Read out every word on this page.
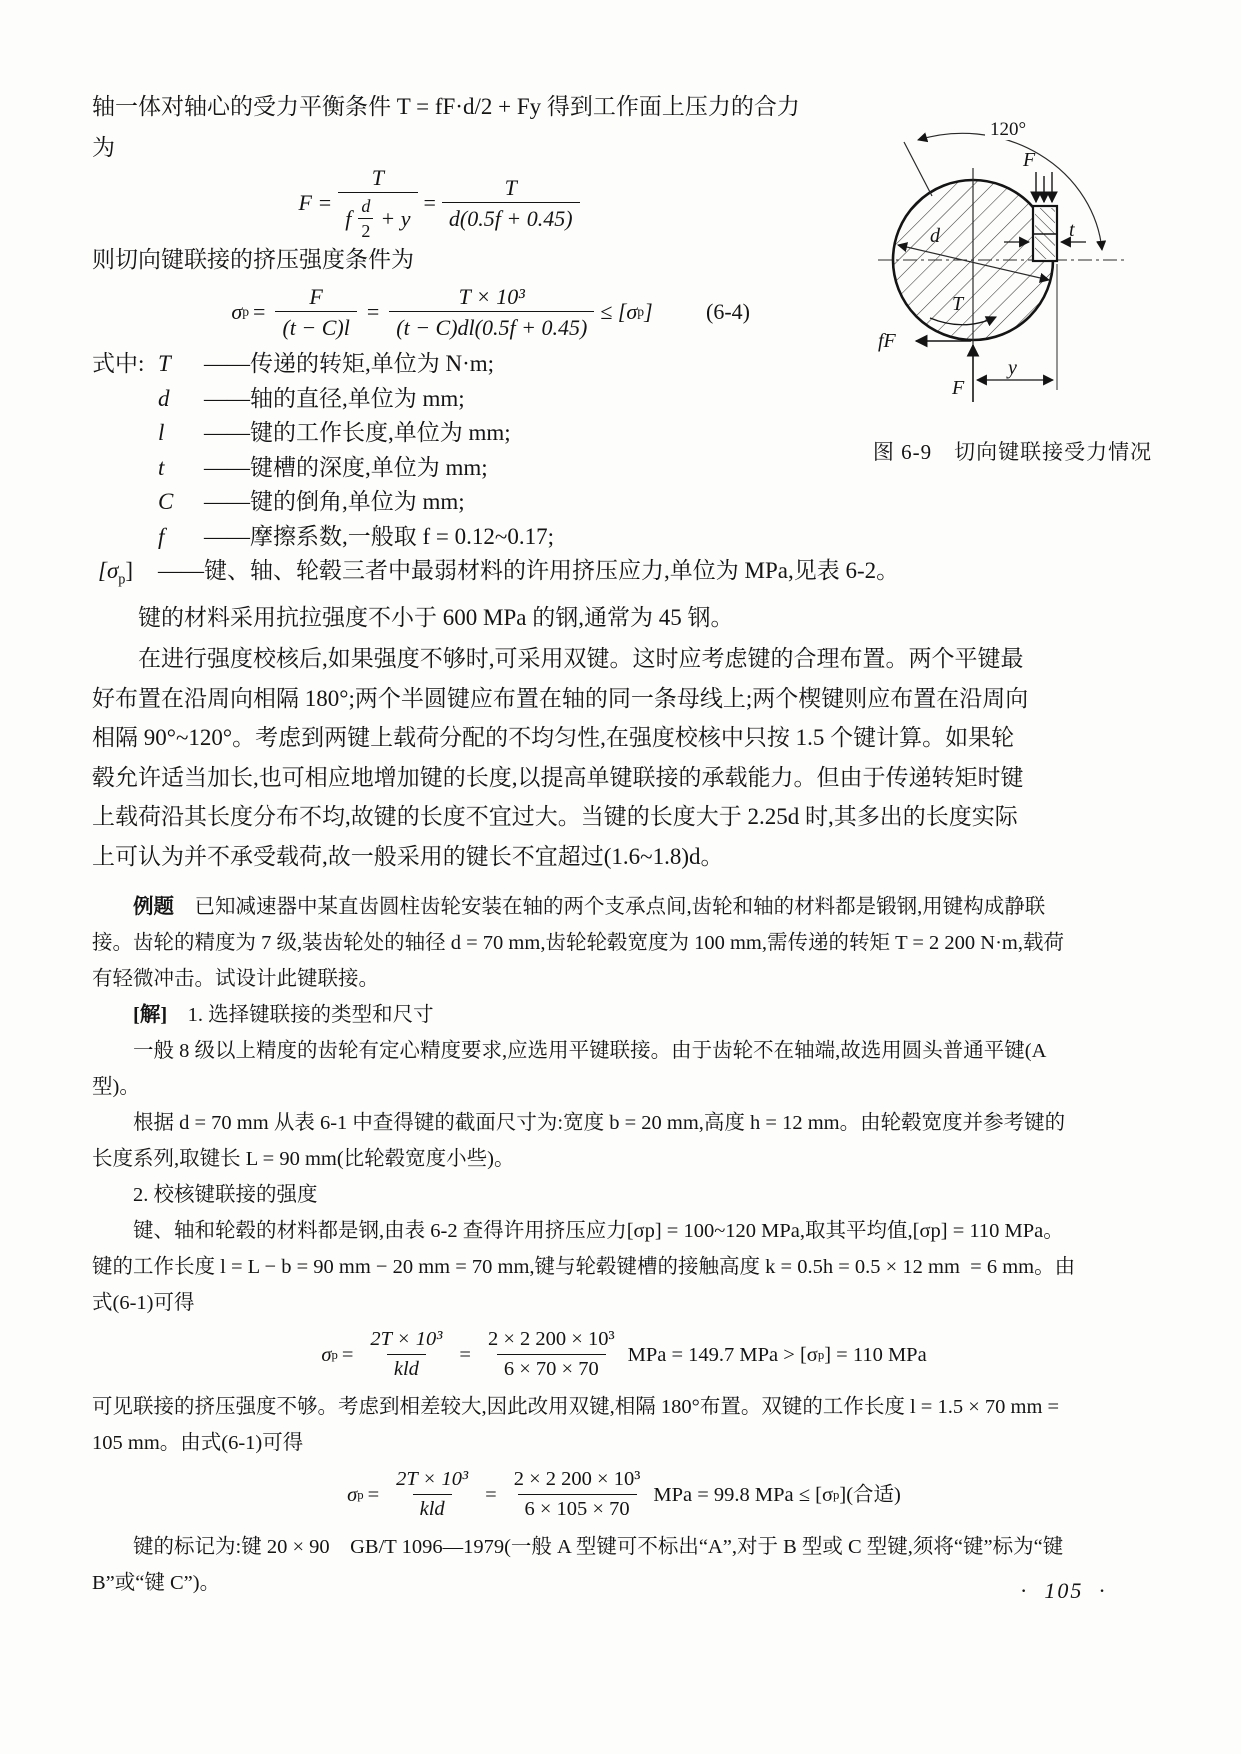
d
120°
F
t
T
fF
F
y
图 6-9　切向键联接受力情况
轴一体对轴心的受力平衡条件 T = fF·d/2 + Fy 得到工作面上压力的合力
为
F =
T
f $\frac{d}{2} + y$
= $\frac{T}{d(0.5f + 0.45)}$
则切向键联接的挤压强度条件为
σ $p = \frac{F}{(t - C)l} = \frac{\text{T × 10³}}{(t - C)dl(0.5f + 0.45)} \le [\sigma$ p ] (6-4)
式中: T ——传递的转矩,单位为 N·m;
d ——轴的直径,单位为 mm;
l ——键的工作长度,单位为 mm;
t ——键槽的深度,单位为 mm;
C ——键的倒角,单位为 mm;
f ——摩擦系数,一般取 f = 0.12~0.17;
$[\sigma_p]$ ——键、轴、轮毂三者中最弱材料的许用挤压应力,单位为 MPa,见表 6-2。
键的材料采用抗拉强度不小于 600 MPa 的钢,通常为 45 钢。
在进行强度校核后,如果强度不够时,可采用双键。这时应考虑键的合理布置。两个平键最
好布置在沿周向相隔 180°;两个半圆键应布置在轴的同一条母线上;两个楔键则应布置在沿周向
相隔 90°~120°。考虑到两键上载荷分配的不均匀性,在强度校核中只按 1.5 个键计算。如果轮
毂允许适当加长,也可相应地增加键的长度,以提高单键联接的承载能力。但由于传递转矩时键
上载荷沿其长度分布不均,故键的长度不宜过大。当键的长度大于 2.25d 时,其多出的长度实际
上可认为并不承受载荷,故一般采用的键长不宜超过(1.6~1.8)d。
例题　已知减速器中某直齿圆柱齿轮安装在轴的两个支承点间,齿轮和轴的材料都是锻钢,用键构成静联
接。齿轮的精度为 7 级,装齿轮处的轴径 d = 70 mm,齿轮轮毂宽度为 100 mm,需传递的转矩 T = 2 200 N·m,载荷
有轻微冲击。试设计此键联接。
[解]　1. 选择键联接的类型和尺寸
一般 8 级以上精度的齿轮有定心精度要求,应选用平键联接。由于齿轮不在轴端,故选用圆头普通平键(A
型)。
根据 d = 70 mm 从表 6-1 中查得键的截面尺寸为:宽度 b = 20 mm,高度 h = 12 mm。由轮毂宽度并参考键的
长度系列,取键长 L = 90 mm(比轮毂宽度小些)。
2. 校核键联接的强度
键、轴和轮毂的材料都是钢,由表 6-2 查得许用挤压应力[σp] = 100~120 MPa,取其平均值,[σp] = 110 MPa。
键的工作长度 l = L − b = 90 mm − 20 mm = 70 mm,键与轮毂键槽的接触高度 k = 0.5h = 0.5 × 12 mm  = 6 mm。由
式(6-1)可得
σ $p = \frac{\text{2T × 10³}}{\text{kld}} = \frac{\text{2 × 2 200 × 10³}}{6 \times 70 \times 70}$ MPa = 149.7 MPa > [σ p ] = 110 MPa
可见联接的挤压强度不够。考虑到相差较大,因此改用双键,相隔 180°布置。双键的工作长度 l = 1.5 × 70 mm =
105 mm。由式(6-1)可得
σ $p = \frac{\text{2T × 10³}}{\text{kld}} = \frac{\text{2 × 2 200 × 10³}}{6 \times 105 \times 70}$ MPa = 99.8 MPa ≤ [σ p ](合适)
键的标记为:键 20 × 90　GB/T 1096—1979(一般 A 型键可不标出“A”,对于 B 型或 C 型键,须将“键”标为“键
B”或“键 C”)。	· 105 ·
